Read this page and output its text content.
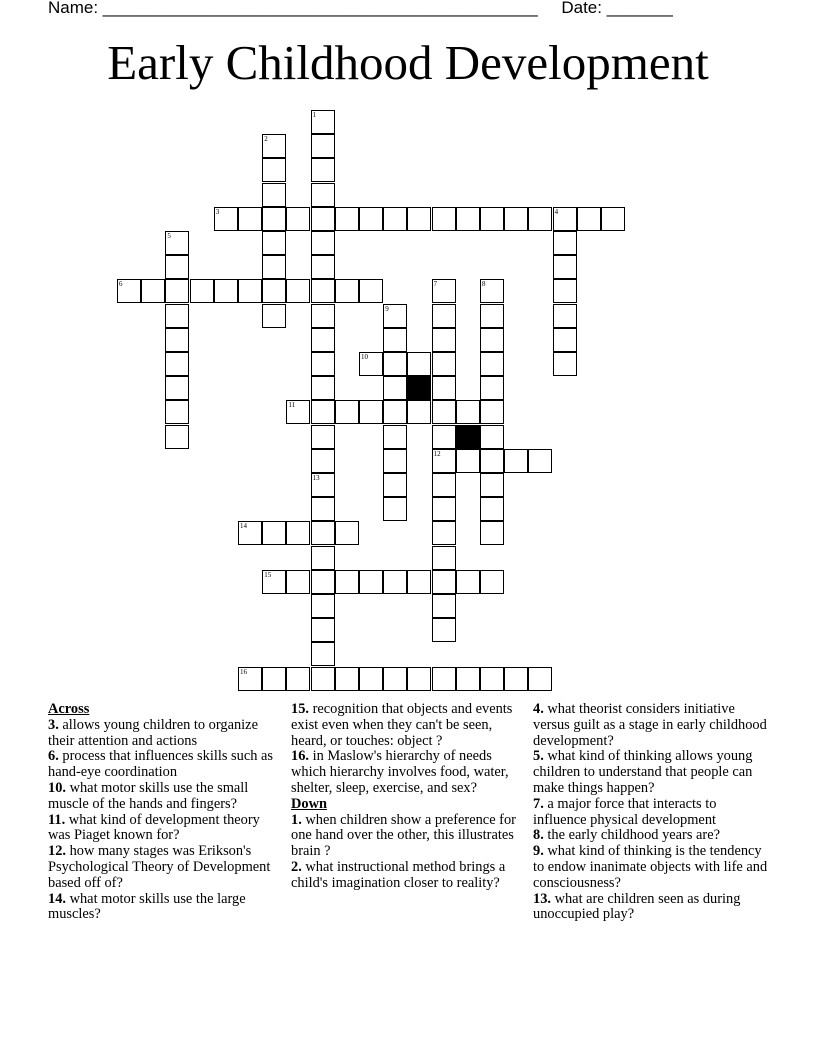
Name: ______________________________________________ Date: _______
Early Childhood Development
1
2
3	4
5
6	7
12
8
9
10
11
13
14
15
16
Across
3. allows young children to organize their attention and actions
6. process that influences skills such as hand-eye coordination
10. what motor skills use the small muscle of the hands and fingers?
11. what kind of development theory was Piaget known for?
12. how many stages was Erikson's Psychological Theory of Development based off of?
14. what motor skills use the large muscles?
15. recognition that objects and events exist even when they can't be seen, heard, or touches: object ?
16. in Maslow's hierarchy of needs which hierarchy involves food, water, shelter, sleep, exercise, and sex?
Down
1. when children show a preference for one hand over the other, this illustrates brain ?
2. what instructional method brings a child's imagination closer to reality?
4. what theorist considers initiative versus guilt as a stage in early childhood development?
5. what kind of thinking allows young children to understand that people can make things happen?
7. a major force that interacts to influence physical development
8. the early childhood years are?
9. what kind of thinking is the tendency to endow inanimate objects with life and consciousness?
13. what are children seen as during unoccupied play?
